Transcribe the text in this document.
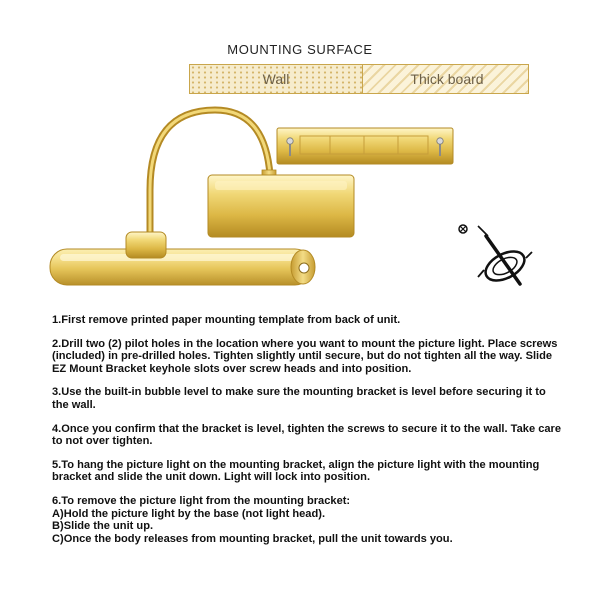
MOUNTING SURFACE
Wall	Thick board

1.First remove printed paper mounting template from back of unit.

2.Drill two (2) pilot holes in the location where you want to mount the picture light. Place screws (included) in pre-drilled holes. Tighten slightly until secure, but do not tighten all the way. Slide EZ Mount Bracket keyhole slots over screw heads and into position.

3.Use the built-in bubble level to make sure the mounting bracket is level before securing it to the wall.

4.Once you confirm that the bracket is level, tighten the screws to secure it to the wall. Take care to not over tighten.

5.To hang the picture light on the mounting bracket, align the picture light with the mounting bracket and slide the unit down. Light will lock into position.

6.To remove the picture light from the mounting bracket:
A)Hold the picture light by the base (not light head).
B)Slide the unit up.
C)Once the body releases from mounting bracket, pull the unit towards you.
